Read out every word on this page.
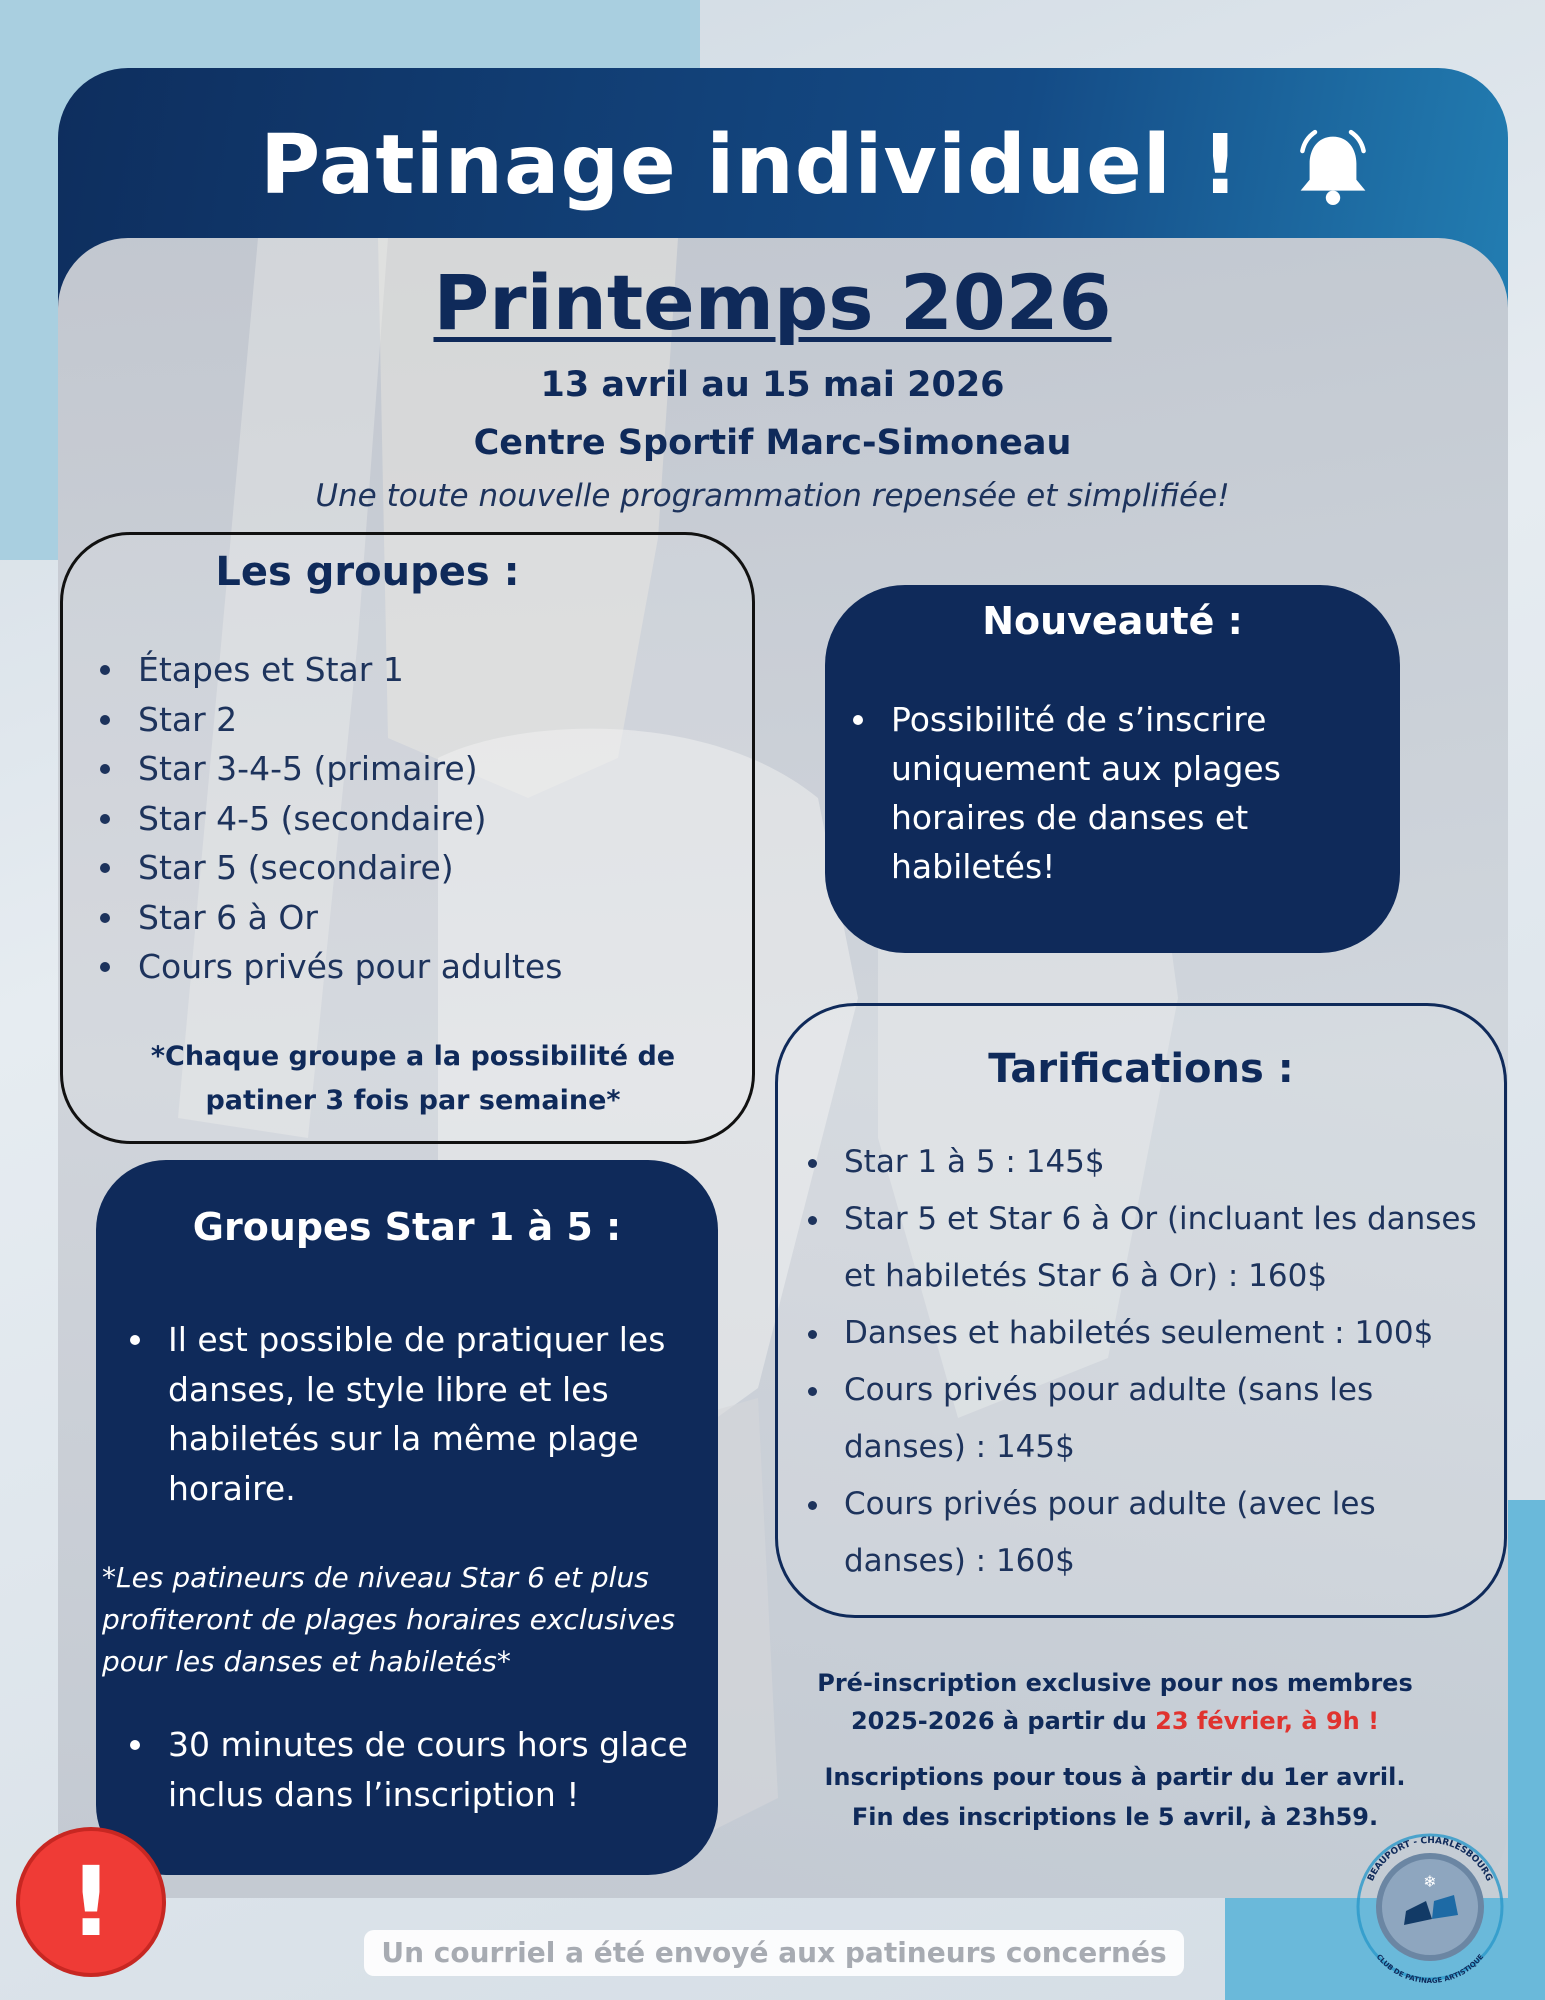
Patinage individuel !
Printemps 2026
13 avril au 15 mai 2026
Centre Sportif Marc-Simoneau
Une toute nouvelle programmation repensée et simplifiée!
Les groupes :
Étapes et Star 1
Star 2
Star 3-4-5 (primaire)
Star 4-5 (secondaire)
Star 5 (secondaire)
Star 6 à Or
Cours privés pour adultes
*Chaque groupe a la possibilité de patiner 3 fois par semaine*
Nouveauté :
Possibilité de s’inscrire uniquement aux plages horaires de danses et habiletés!
Tarifications :
Star 1 à 5 : 145$
Star 5 et Star 6 à Or (incluant les danses et habiletés Star 6 à Or) : 160$
Danses et habiletés seulement : 100$
Cours privés pour adulte (sans les danses) : 145$
Cours privés pour adulte (avec les danses) : 160$
Groupes Star 1 à 5 :
Il est possible de pratiquer les danses, le style libre et les habiletés sur la même plage horaire.
*Les patineurs de niveau Star 6 et plus profiteront de plages horaires exclusives pour les danses et habiletés*
30 minutes de cours hors glace inclus dans l’inscription !
Pré-inscription exclusive pour nos membres
2025-2026 à partir du 23 février, à 9h !
Inscriptions pour tous à partir du 1er avril.
Fin des inscriptions le 5 avril, à 23h59.
!	Un courriel a été envoyé aux patineurs concernés
❄
BEAUPORT - CHARLESBOURG
CLUB DE PATINAGE ARTISTIQUE
